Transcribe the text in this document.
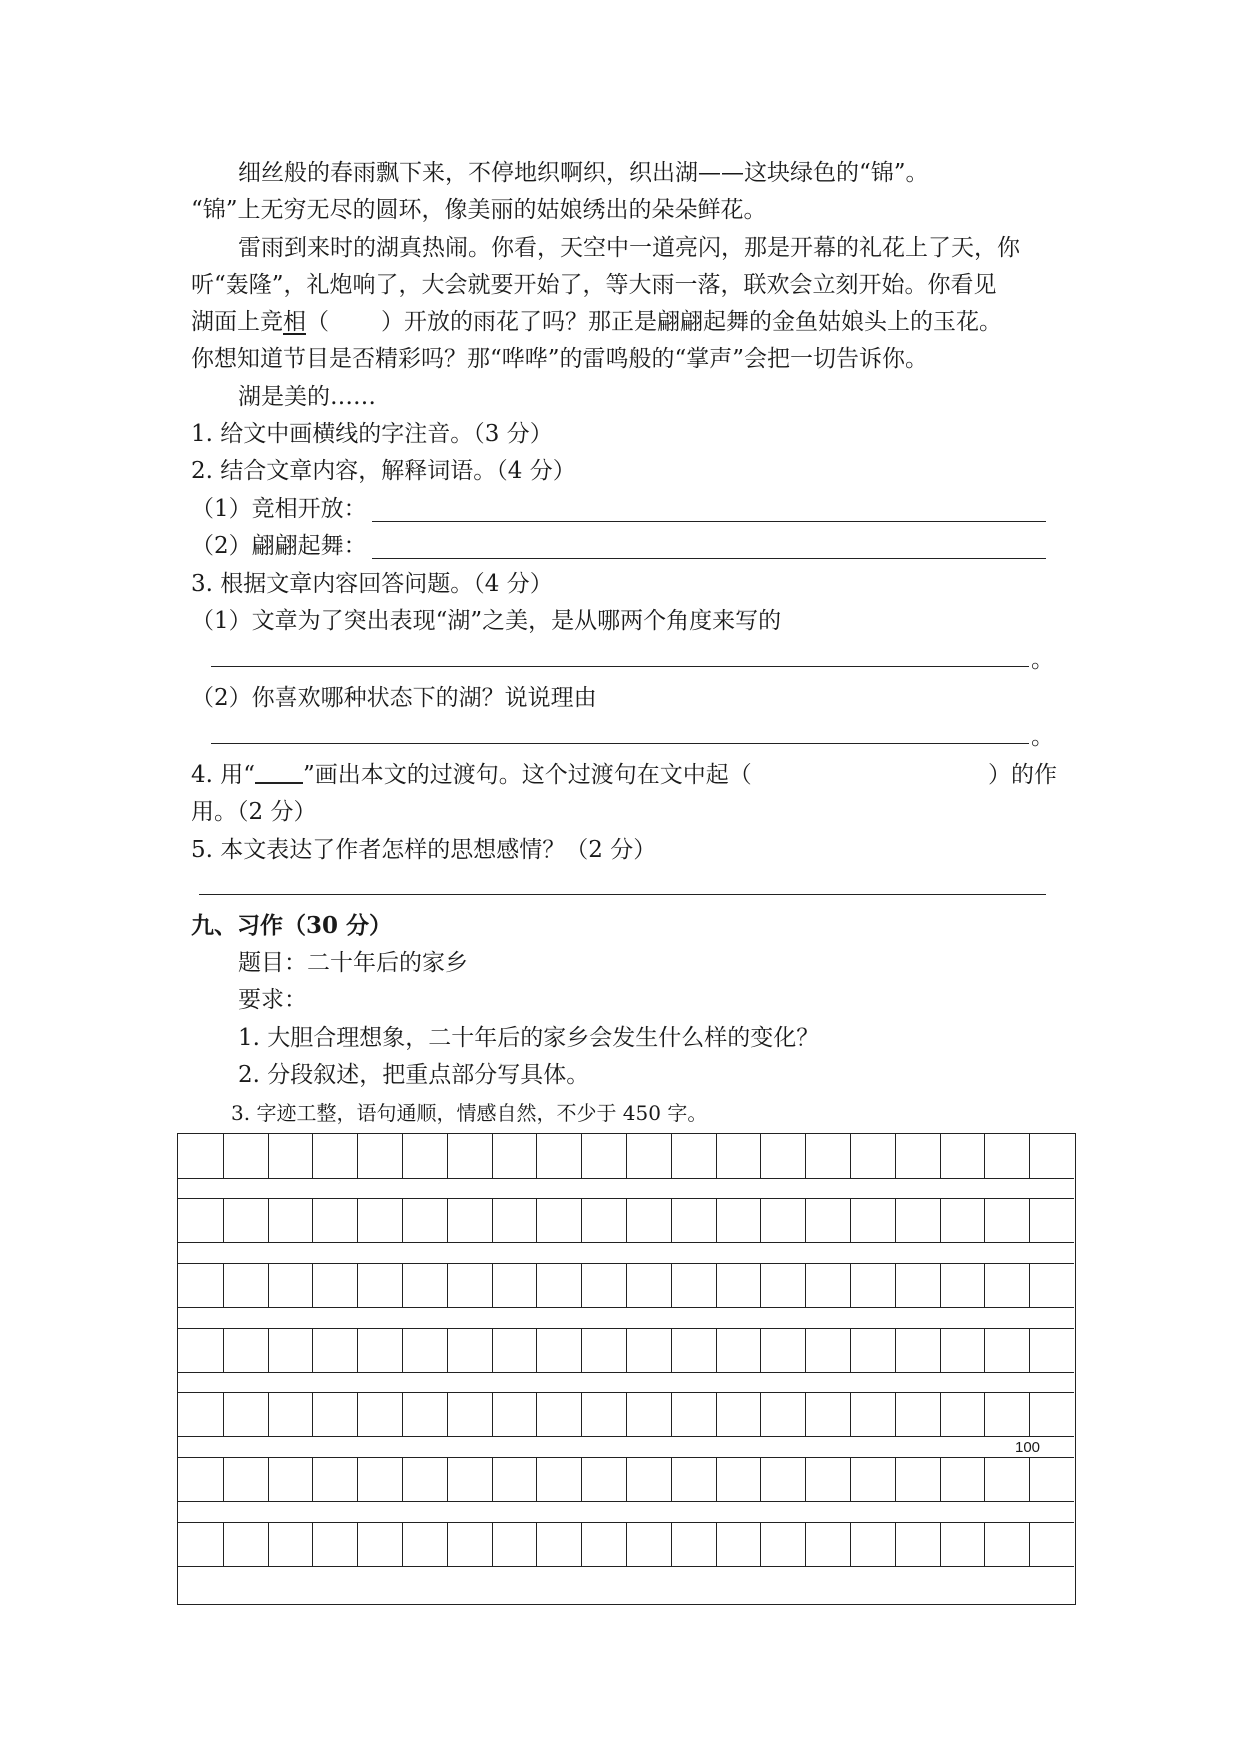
细丝般的春雨飘下来，不停地织啊织，织出湖——这块绿色的“锦”。
“锦”上无穷无尽的圆环，像美丽的姑娘绣出的朵朵鲜花。
雷雨到来时的湖真热闹。你看，天空中一道亮闪，那是开幕的礼花上了天，你
听“轰隆”，礼炮响了，大会就要开始了，等大雨一落，联欢会立刻开始。你看见
湖面上竞相（ ）开放的雨花了吗？那正是翩翩起舞的金鱼姑娘头上的玉花。
你想知道节目是否精彩吗？那“哗哗”的雷鸣般的“掌声”会把一切告诉你。
湖是美的……
1. 给文中画横线的字注音。（3 分）
2. 结合文章内容，解释词语。（4 分）
（1）竞相开放：
（2）翩翩起舞：
3. 根据文章内容回答问题。（4 分）
（1）文章为了突出表现“湖”之美，是从哪两个角度来写的
。
（2）你喜欢哪种状态下的湖？说说理由
。
4. 用“ ”画出本文的过渡句。这个过渡句在文中起（	）的作
用。（2 分）
5. 本文表达了作者怎样的思想感情？（2 分）
九、习作（30 分）
题目：二十年后的家乡
要求：
1. 大胆合理想象，二十年后的家乡会发生什么样的变化？
2. 分段叙述，把重点部分写具体。
3. 字迹工整，语句通顺，情感自然，不少于 450 字。
100
